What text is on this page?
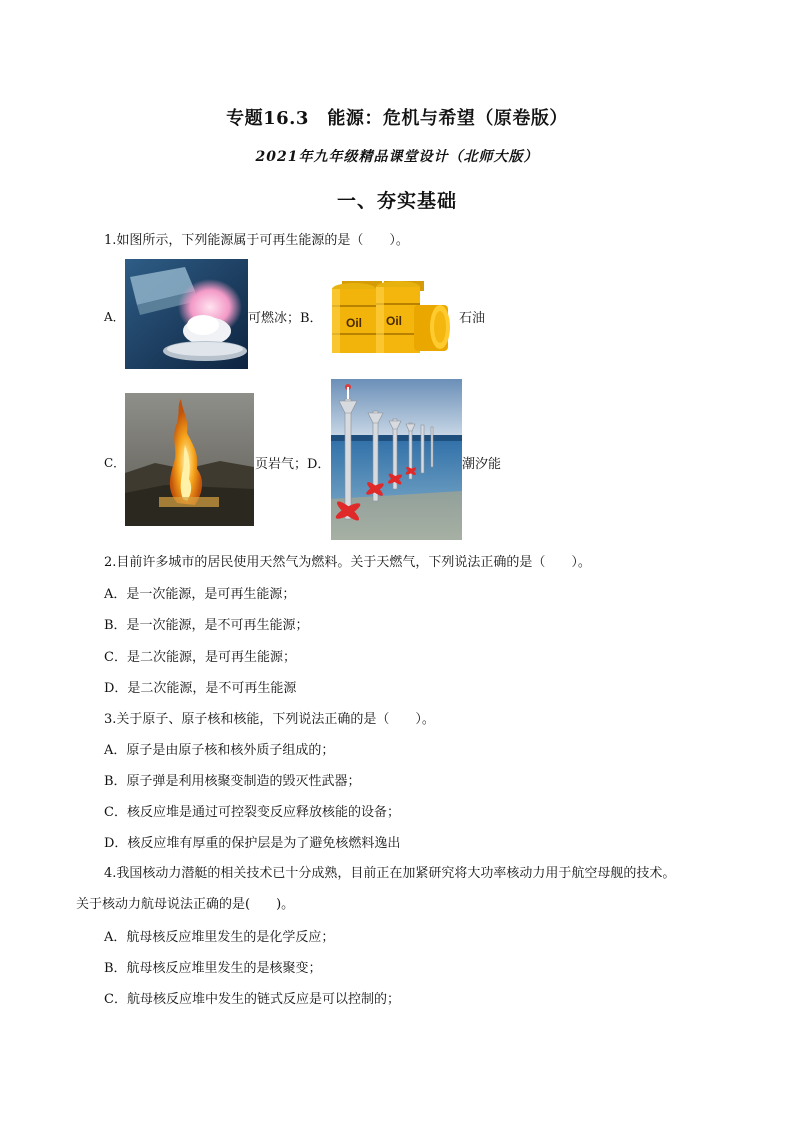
专题16.3　能源：危机与希望（原卷版）
2021年九年级精品课堂设计（北师大版）
一、夯实基础
1.如图所示，下列能源属于可再生能源的是（　　）。
A．	可燃冰；B． Oil Oil	石油
C．	页岩气；D．	潮汐能
2.目前许多城市的居民使用天然气为燃料。关于天燃气，下列说法正确的是（　　）。
A．是一次能源，是可再生能源；
B．是一次能源，是不可再生能源；
C．是二次能源，是可再生能源；
D．是二次能源，是不可再生能源
3.关于原子、原子核和核能，下列说法正确的是（　　）。
A．原子是由原子核和核外质子组成的；
B．原子弹是利用核聚变制造的毁灭性武器；
C．核反应堆是通过可控裂变反应释放核能的设备；
D．核反应堆有厚重的保护层是为了避免核燃料逸出
4.我国核动力潜艇的相关技术已十分成熟，目前正在加紧研究将大功率核动力用于航空母舰的技术。
关于核动力航母说法正确的是(　　)。
A．航母核反应堆里发生的是化学反应；
B．航母核反应堆里发生的是核聚变；
C．航母核反应堆中发生的链式反应是可以控制的；
